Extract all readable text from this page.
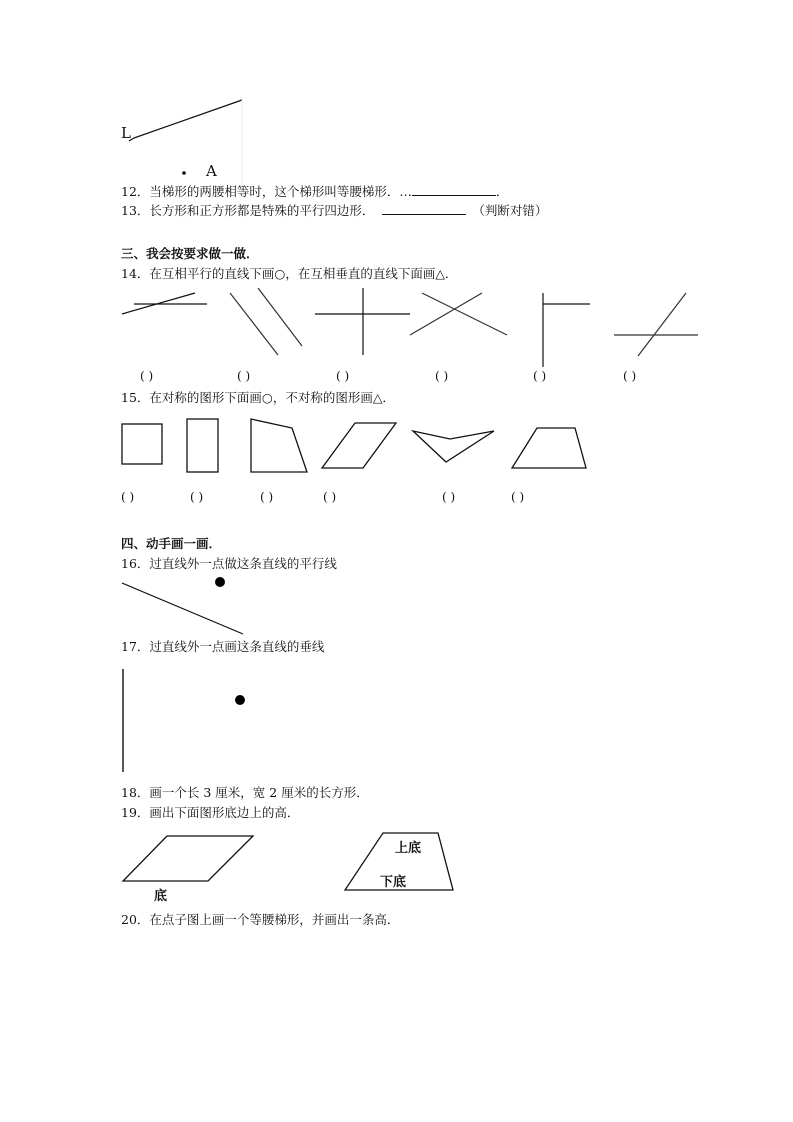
L
A
12．当梯形的两腰相等时，这个梯形叫等腰梯形．…	．
13．长方形和正方形都是特殊的平行四边形．	（判断对错）
三、我会按要求做一做．
14．在互相平行的直线下画○，在互相垂直的直线下面画△．
( )	( )	( )	( )	( )	( )
15．在对称的图形下面画○，不对称的图形画△．
( )	( )	( )	( )	( )	( )
四、动手画一画．
16．过直线外一点做这条直线的平行线
17．过直线外一点画这条直线的垂线
18．画一个长 3 厘米，宽 2 厘米的长方形．
19．画出下面图形底边上的高．
底
上底
下底
20．在点子图上画一个等腰梯形，并画出一条高．
